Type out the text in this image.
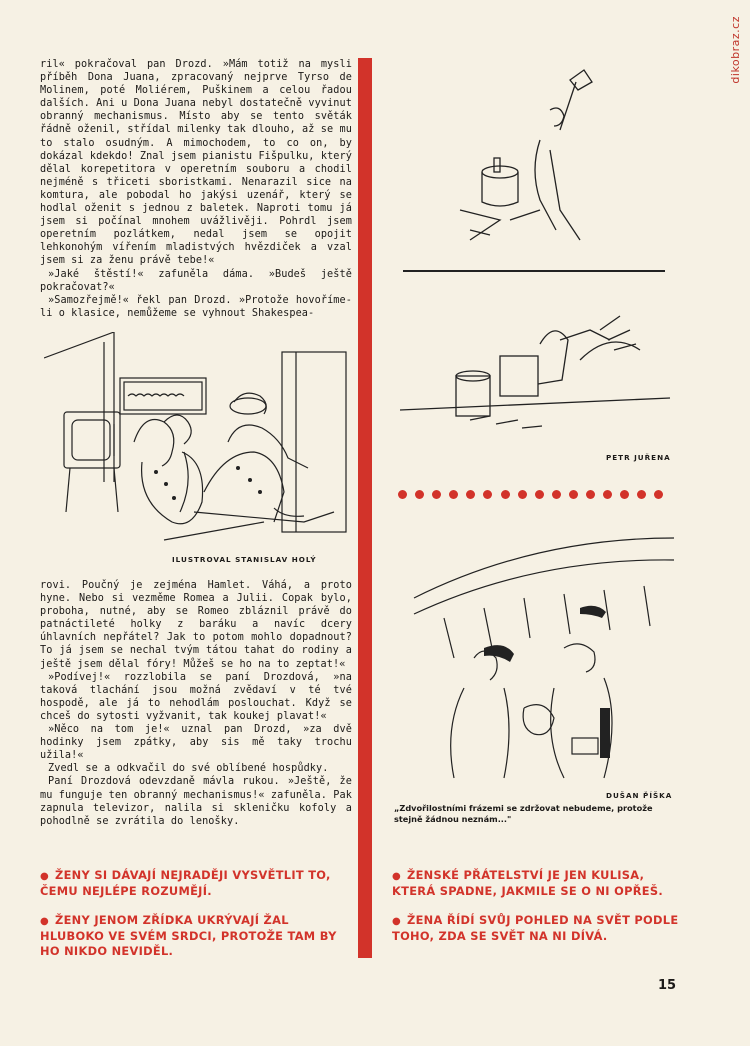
dikobraz.cz

ril« pokračoval pan Drozd. »Mám totiž na mysli příběh Dona Juana, zpracovaný nejprve Tyrso de Molinem, poté Moliérem, Puškinem a celou řadou dalších. Ani u Dona Juana nebyl dostatečně vyvinut obranný mechanismus. Místo aby se tento světák řádně oženil, střídal milenky tak dlouho, až se mu to stalo osudným. A mimochodem, to co on, by dokázal kdekdo! Znal jsem pianistu Fišpulku, který dělal korepetitora v operetním souboru a chodil nejméně s třiceti sboristkami. Nenarazil sice na komtura, ale pobodal ho jakýsi uzenář, který se hodlal oženit s jednou z baletek. Naproti tomu já jsem si počínal mnohem uvážlivěji. Pohrdl jsem operetním pozlátkem, nedal jsem se opojit lehkonohým vířením mladistvých hvězdiček a vzal jsem si za ženu právě tebe!«

»Jaké štěstí!« zafuněla dáma. »Budeš ještě pokračovat?«

»Samozřejmě!« řekl pan Drozd. »Protože hovoříme-li o klasice, nemůžeme se vyhnout Shakespea-

ILUSTROVAL STANISLAV HOLÝ

rovi. Poučný je zejména Hamlet. Váhá, a proto hyne. Nebo si vezměme Romea a Julii. Copak bylo, proboha, nutné, aby se Romeo zbláznil právě do patnáctileté holky z baráku a navíc dcery úhlavních nepřátel? Jak to potom mohlo dopadnout? To já jsem se nechal tvým tátou tahat do rodiny a ještě jsem dělal fóry! Můžeš se ho na to zeptat!«

»Podívej!« rozzlobila se paní Drozdová, »na taková tlachání jsou možná zvědaví v té tvé hospodě, ale já to nehodlám poslouchat. Když se chceš do sytosti vyžvanit, tak koukej plavat!«

»Něco na tom je!« uznal pan Drozd, »za dvě hodinky jsem zpátky, aby sis mě taky trochu užila!«

Zvedl se a odkvačil do své oblíbené hospůdky.

Paní Drozdová odevzdaně mávla rukou. »Ještě, že mu funguje ten obranný mechanismus!« zafuněla. Pak zapnula televizor, nalila si skleničku kofoly a pohodlně se zvrátila do lenošky.

● ŽENY SI DÁVAJÍ NEJRADĚJI VYSVĚTLIT TO, ČEMU NEJLÉPE ROZUMĚJÍ.

● ŽENY JENOM ZŘÍDKA UKRÝVAJÍ ŽAL HLUBOKO VE SVÉM SRDCI, PROTOŽE TAM BY HO NIKDO NEVIDĚL.

PETR JUŘENA
DUŠAN P̌ÍŠKA
„Zdvořilostními frázemi se zdržovat nebudeme, protože stejně žádnou neznám..."

● ŽENSKÉ PŘÁTELSTVÍ JE JEN KULISA, KTERÁ SPADNE, JAKMILE SE O NI OPŘEŠ.

● ŽENA ŘÍDÍ SVŮJ POHLED NA SVĚT PODLE TOHO, ZDA SE SVĚT NA NI DÍVÁ.

15
